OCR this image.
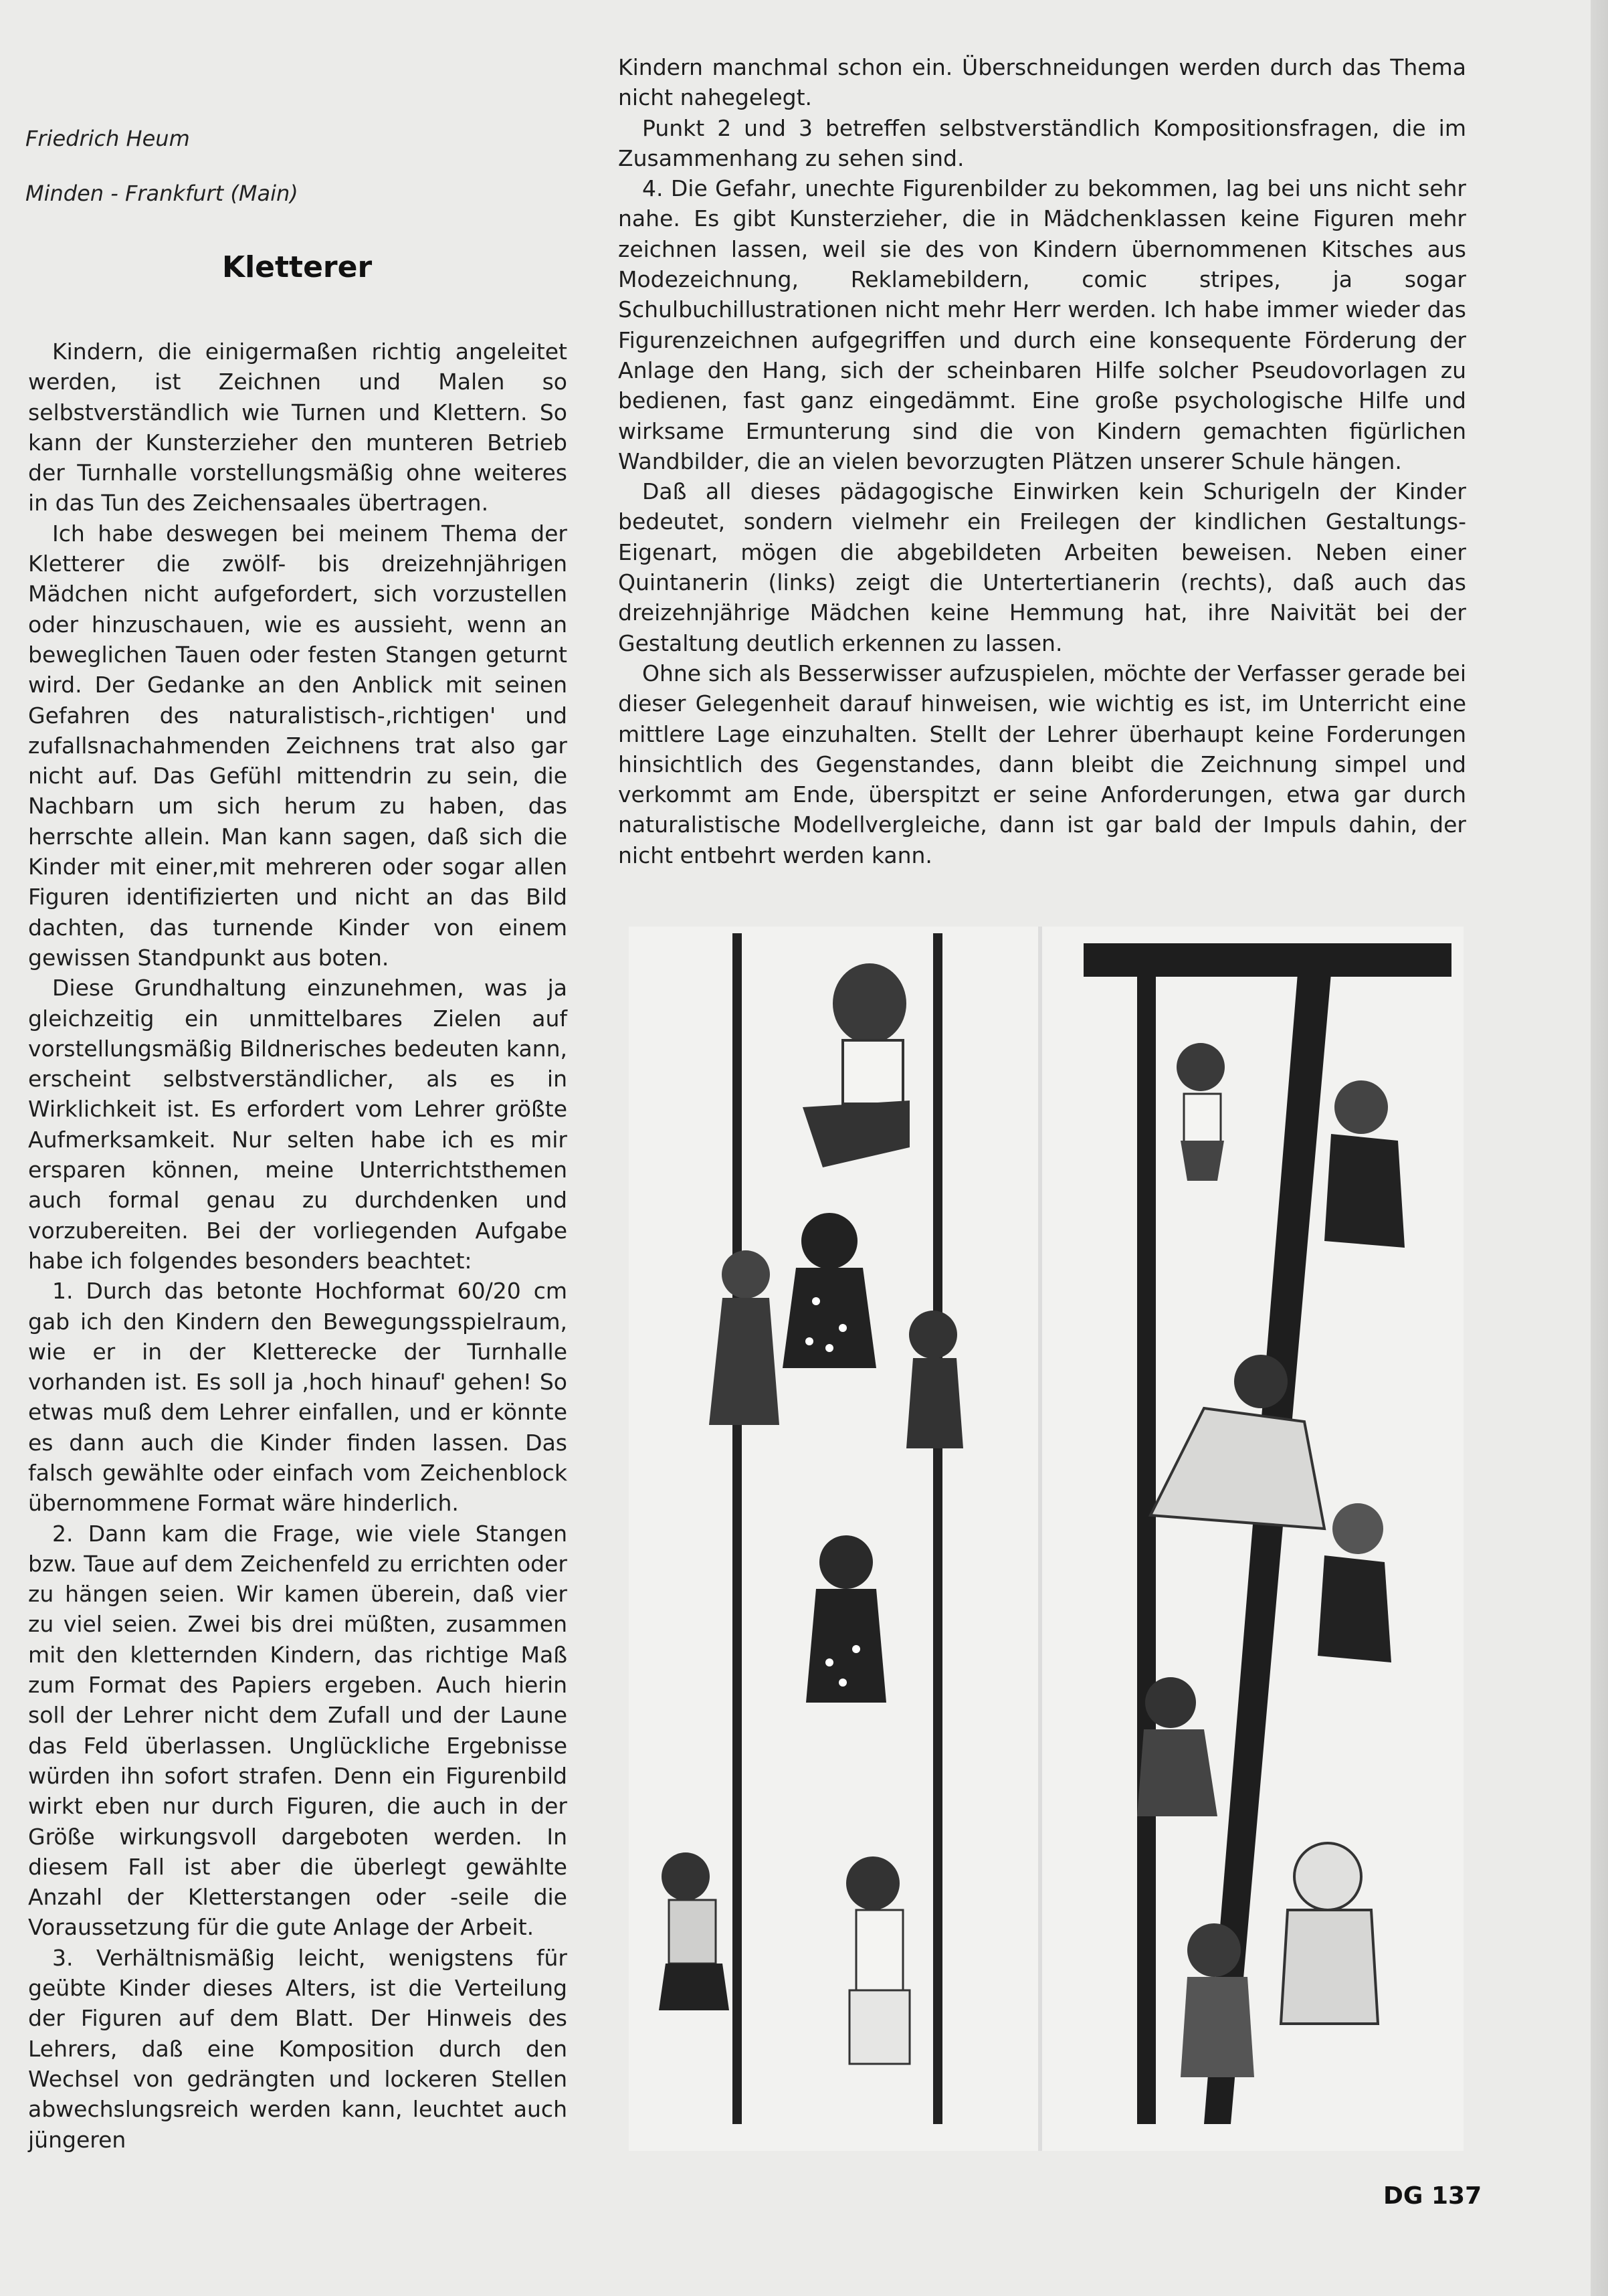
Friedrich Heum
Minden - Frankfurt (Main)
Kletterer

Kindern, die einigermaßen richtig angeleitet werden, ist Zeichnen und Malen so selbstverständlich wie Turnen und Klettern. So kann der Kunsterzieher den munteren Betrieb der Turnhalle vorstellungsmäßig ohne weiteres in das Tun des Zeichensaales übertragen.

Ich habe deswegen bei meinem Thema der Kletterer die zwölf- bis dreizehnjährigen Mädchen nicht aufgefordert, sich vorzustellen oder hinzuschauen, wie es aussieht, wenn an beweglichen Tauen oder festen Stangen geturnt wird. Der Gedanke an den Anblick mit seinen Gefahren des naturalistisch-‚richtigen' und zufallsnachahmenden Zeichnens trat also gar nicht auf. Das Gefühl mittendrin zu sein, die Nachbarn um sich herum zu haben, das herrschte allein. Man kann sagen, daß sich die Kinder mit einer,mit mehreren oder sogar allen Figuren identifizierten und nicht an das Bild dachten, das turnende Kinder von einem gewissen Standpunkt aus boten.

Diese Grundhaltung einzunehmen, was ja gleichzeitig ein unmittelbares Zielen auf vorstellungsmäßig Bildnerisches bedeuten kann, erscheint selbstverständlicher, als es in Wirklichkeit ist. Es erfordert vom Lehrer größte Aufmerksamkeit. Nur selten habe ich es mir ersparen können, meine Unterrichtsthemen auch formal genau zu durchdenken und vorzubereiten. Bei der vorliegenden Aufgabe habe ich folgendes besonders beachtet:

1. Durch das betonte Hochformat 60/20 cm gab ich den Kindern den Bewegungsspielraum, wie er in der Kletterecke der Turnhalle vorhanden ist. Es soll ja ‚hoch hinauf' gehen! So etwas muß dem Lehrer einfallen, und er könnte es dann auch die Kinder finden lassen. Das falsch gewählte oder einfach vom Zeichenblock übernommene Format wäre hinderlich.

2. Dann kam die Frage, wie viele Stangen bzw. Taue auf dem Zeichenfeld zu errichten oder zu hängen seien. Wir kamen überein, daß vier zu viel seien. Zwei bis drei müßten, zusammen mit den kletternden Kindern, das richtige Maß zum Format des Papiers ergeben. Auch hierin soll der Lehrer nicht dem Zufall und der Laune das Feld überlassen. Unglückliche Ergebnisse würden ihn sofort strafen. Denn ein Figurenbild wirkt eben nur durch Figuren, die auch in der Größe wirkungsvoll dargeboten werden. In diesem Fall ist aber die überlegt gewählte Anzahl der Kletterstangen oder -seile die Voraussetzung für die gute Anlage der Arbeit.

3. Verhältnismäßig leicht, wenigstens für geübte Kinder dieses Alters, ist die Verteilung der Figuren auf dem Blatt. Der Hinweis des Lehrers, daß eine Komposition durch den Wechsel von gedrängten und lockeren Stellen abwechslungsreich werden kann, leuchtet auch jüngeren

Kindern manchmal schon ein. Überschneidungen werden durch das Thema nicht nahegelegt.

Punkt 2 und 3 betreffen selbstverständlich Kompositionsfragen, die im Zusammenhang zu sehen sind.

4. Die Gefahr, unechte Figurenbilder zu bekommen, lag bei uns nicht sehr nahe. Es gibt Kunsterzieher, die in Mädchenklassen keine Figuren mehr zeichnen lassen, weil sie des von Kindern übernommenen Kitsches aus Modezeichnung, Reklamebildern, comic stripes, ja sogar Schulbuchillustrationen nicht mehr Herr werden. Ich habe immer wieder das Figurenzeichnen aufgegriffen und durch eine konsequente Förderung der Anlage den Hang, sich der scheinbaren Hilfe solcher Pseudovorlagen zu bedienen, fast ganz eingedämmt. Eine große psychologische Hilfe und wirksame Ermunterung sind die von Kindern gemachten figürlichen Wandbilder, die an vielen bevorzugten Plätzen unserer Schule hängen.

Daß all dieses pädagogische Einwirken kein Schurigeln der Kinder bedeutet, sondern vielmehr ein Freilegen der kindlichen Gestaltungs-Eigenart, mögen die abgebildeten Arbeiten beweisen. Neben einer Quintanerin (links) zeigt die Untertertianerin (rechts), daß auch das dreizehnjährige Mädchen keine Hemmung hat, ihre Naivität bei der Gestaltung deutlich erkennen zu lassen.

Ohne sich als Besserwisser aufzuspielen, möchte der Verfasser gerade bei dieser Gelegenheit darauf hinweisen, wie wichtig es ist, im Unterricht eine mittlere Lage einzuhalten. Stellt der Lehrer überhaupt keine Forderungen hinsichtlich des Gegenstandes, dann bleibt die Zeichnung simpel und verkommt am Ende, überspitzt er seine Anforderungen, etwa gar durch naturalistische Modellvergleiche, dann ist gar bald der Impuls dahin, der nicht entbehrt werden kann.

DG 137
